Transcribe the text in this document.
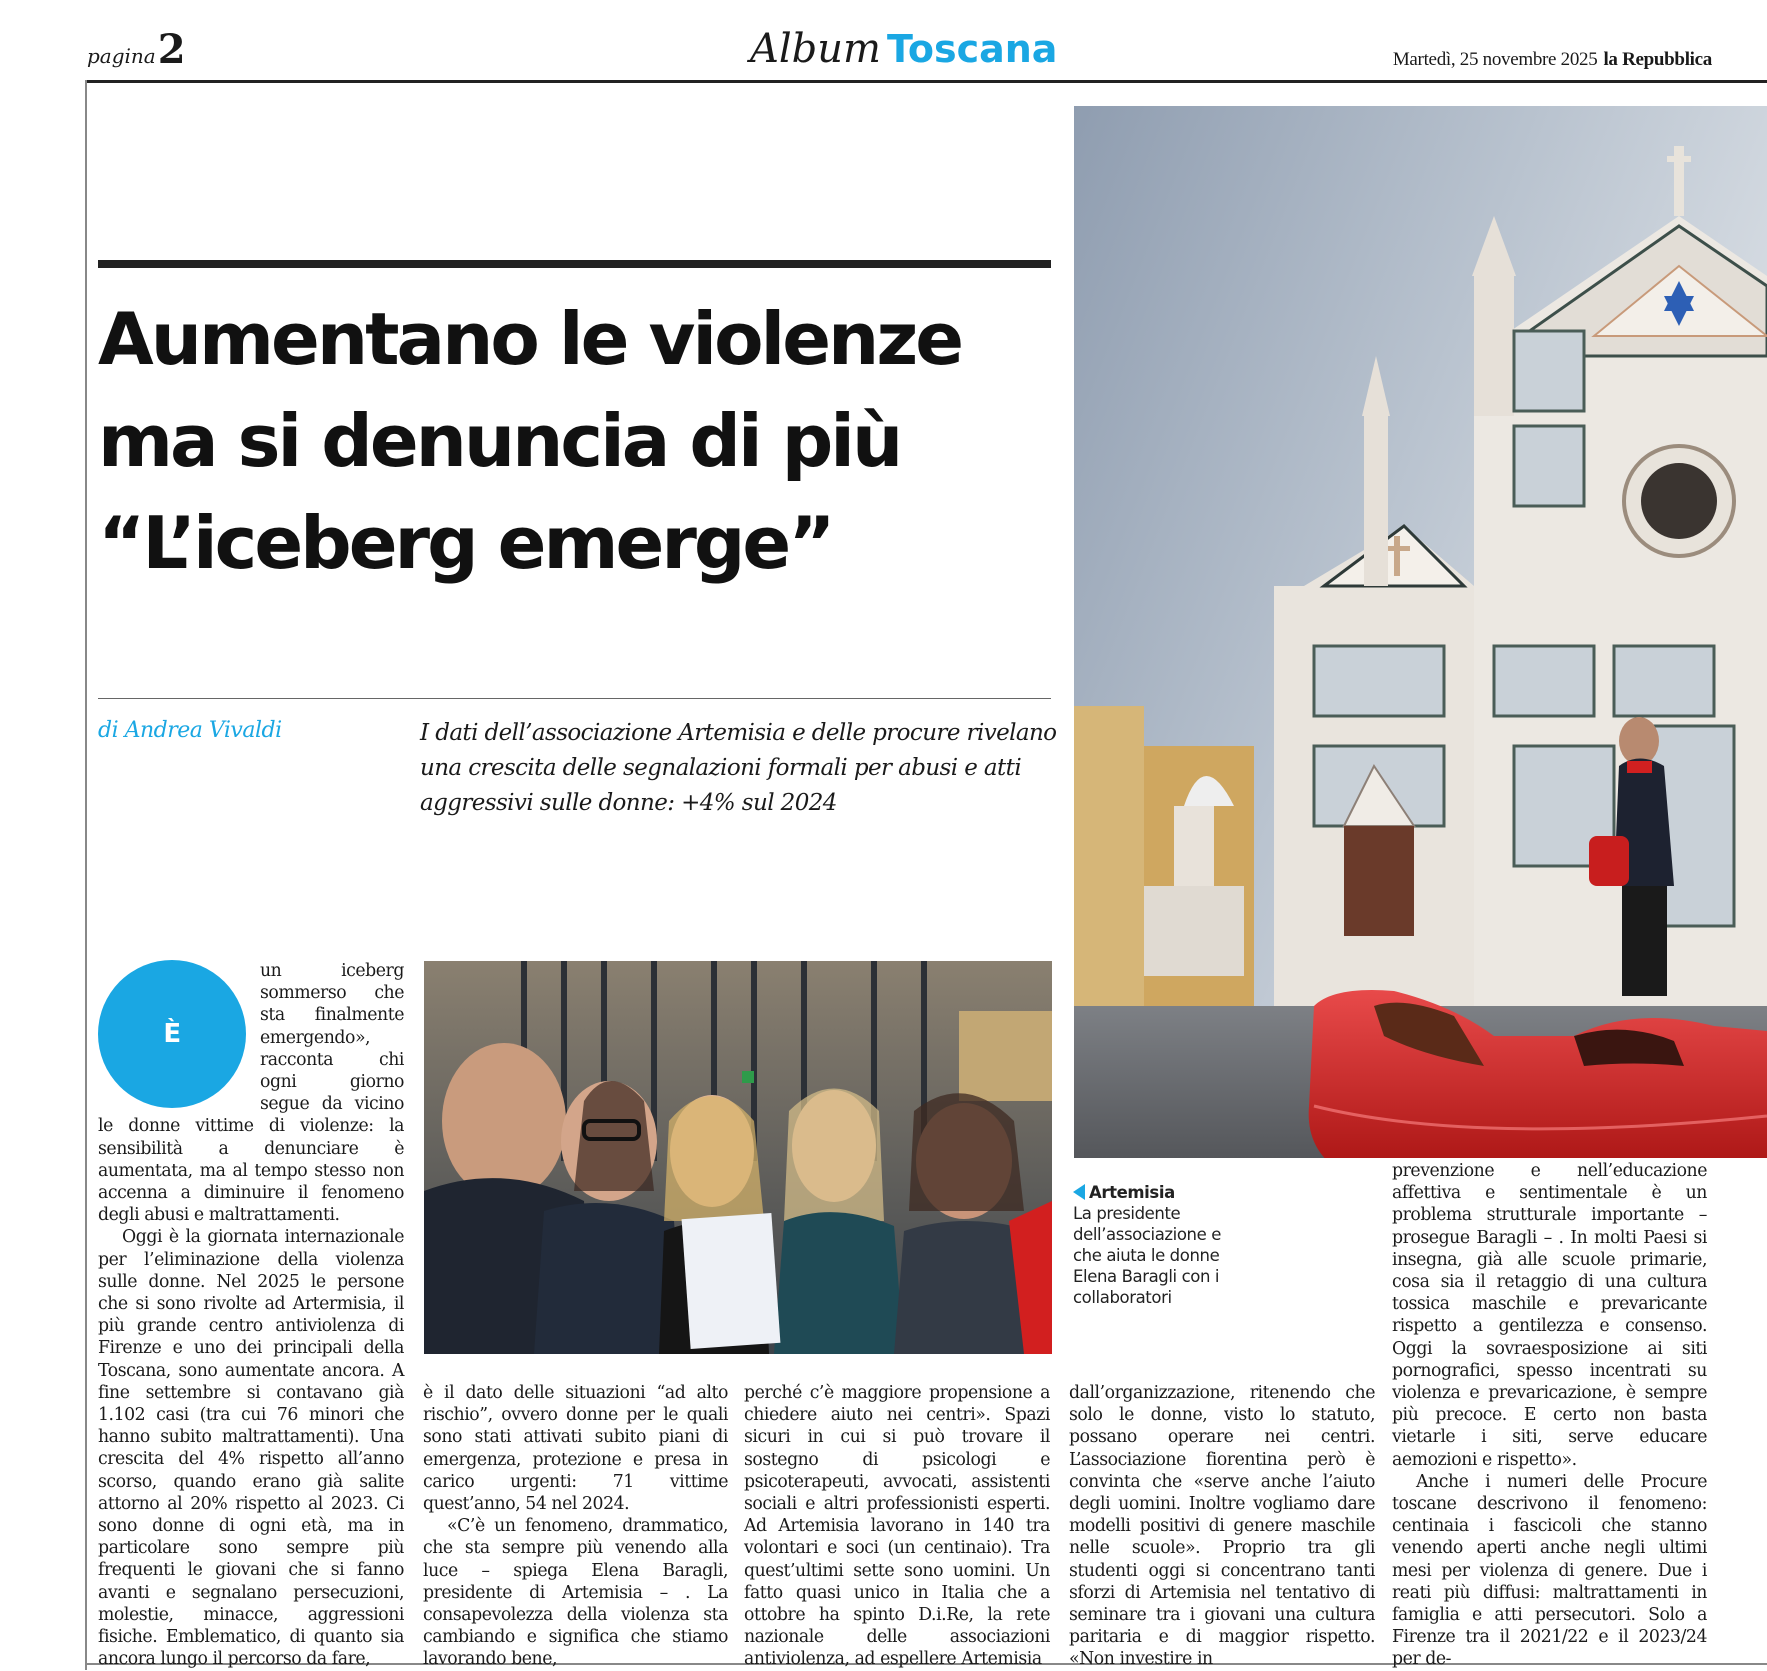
pagina2	Album Toscana	Martedì, 25 novembre 2025 la Repubblica
Aumentano le violenze
ma si denuncia di più
“L’iceberg emerge”
di Andrea Vivaldi	I dati dell’associazione Artemisia e delle procure rivelano una crescita delle segnalazioni formali per abusi e atti aggressivi sulle donne: +4% sul 2024
Artemisia
La presidente dell’associazione e che aiuta le donne Elena Baragli con i collaboratori
È

un iceberg sommerso che sta finalmente emergendo», racconta chi ogni giorno segue da vicino le donne vittime di violenze: la sensibilità a denunciare è aumentata, ma al tempo stesso non accenna a diminuire il fenomeno degli abusi e maltrattamenti.

Oggi è la giornata internazionale per l’eliminazione della violenza sulle donne. Nel 2025 le persone che si sono rivolte ad Artermisia, il più grande centro antiviolenza di Firenze e uno dei principali della Toscana, sono aumentate ancora. A fine settembre si contavano già 1.102 casi (tra cui 76 minori che hanno subito maltrattamenti). Una crescita del 4% rispetto all’anno scorso, quando erano già salite attorno al 20% rispetto al 2023. Ci sono donne di ogni età, ma in particolare sono sempre più frequenti le giovani che si fanno avanti e segnalano persecuzioni, molestie, minacce, aggressioni fisiche. Emblematico, di quanto sia ancora lungo il percorso da fare,

è il dato delle situazioni “ad alto rischio”, ovvero donne per le quali sono stati attivati subito piani di emergenza, protezione e presa in carico urgenti: 71 vittime quest’anno, 54 nel 2024.

«C’è un fenomeno, drammatico, che sta sempre più venendo alla luce – spiega Elena Baragli, presidente di Artemisia – . La consapevolezza della violenza sta cambiando e significa che stiamo lavorando bene,

perché c’è maggiore propensione a chiedere aiuto nei centri». Spazi sicuri in cui si può trovare il sostegno di psicologi e psicoterapeuti, avvocati, assistenti sociali e altri professionisti esperti. Ad Artemisia lavorano in 140 tra volontari e soci (un centinaio). Tra quest’ultimi sette sono uomini. Un fatto quasi unico in Italia che a ottobre ha spinto D.i.Re, la rete nazionale delle associazioni antiviolenza, ad espellere Artemisia

dall’organizzazione, ritenendo che solo le donne, visto lo statuto, possano operare nei centri. L’associazione fiorentina però è convinta che «serve anche l’aiuto degli uomini. Inoltre vogliamo dare modelli positivi di genere maschile nelle scuole». Proprio tra gli studenti oggi si concentrano tanti sforzi di Artemisia nel tentativo di seminare tra i giovani una cultura paritaria e di maggior rispetto. «Non investire in

prevenzione e nell’educazione affettiva e sentimentale è un problema strutturale importante – prosegue Baragli – . In molti Paesi si insegna, già alle scuole primarie, cosa sia il retaggio di una cultura tossica maschile e prevaricante rispetto a gentilezza e consenso. Oggi la sovraesposizione ai siti pornografici, spesso incentrati su violenza e prevaricazione, è sempre più precoce. E certo non basta vietarle i siti, serve educare aemozioni e rispetto».

Anche i numeri delle Procure toscane descrivono il fenomeno: centinaia i fascicoli che stanno venendo aperti anche negli ultimi mesi per violenza di genere. Due i reati più diffusi: maltrattamenti in famiglia e atti persecutori. Solo a Firenze tra il 2021/22 e il 2023/24 per de-
